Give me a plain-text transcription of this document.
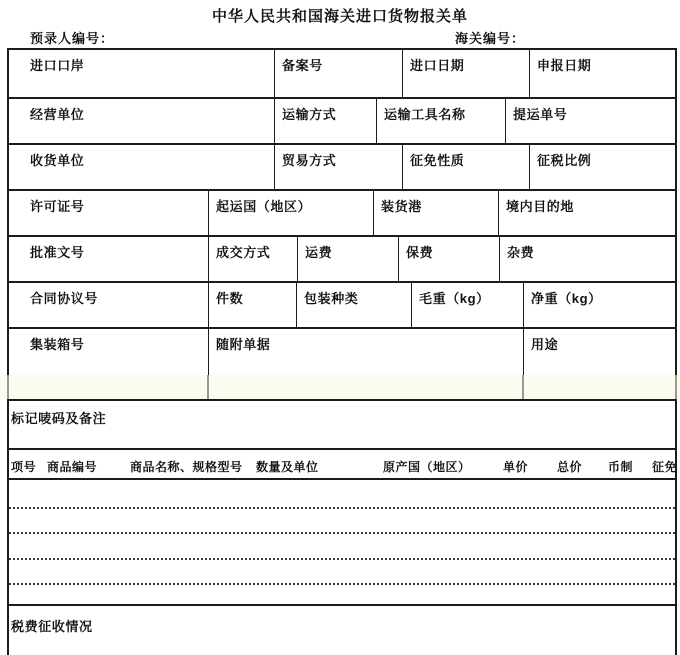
中华人民共和国海关进口货物报关单
预录人编号：	海关编号：
进口口岸	备案号	进口日期	申报日期
经营单位	运输方式	运输工具名称	提运单号
收货单位	贸易方式	征免性质	征税比例
许可证号	起运国（地区）	装货港	境内目的地
批准文号	成交方式	运费	保费	杂费
合同协议号	件数	包装种类	毛重（kg）	净重（kg）
集装箱号	随附单据	用途
标记唛码及备注
项号 商品编号	商品名称、规格型号 数量及单位	原产国（地区）	单价 总价 币制 征免
税费征收情况
